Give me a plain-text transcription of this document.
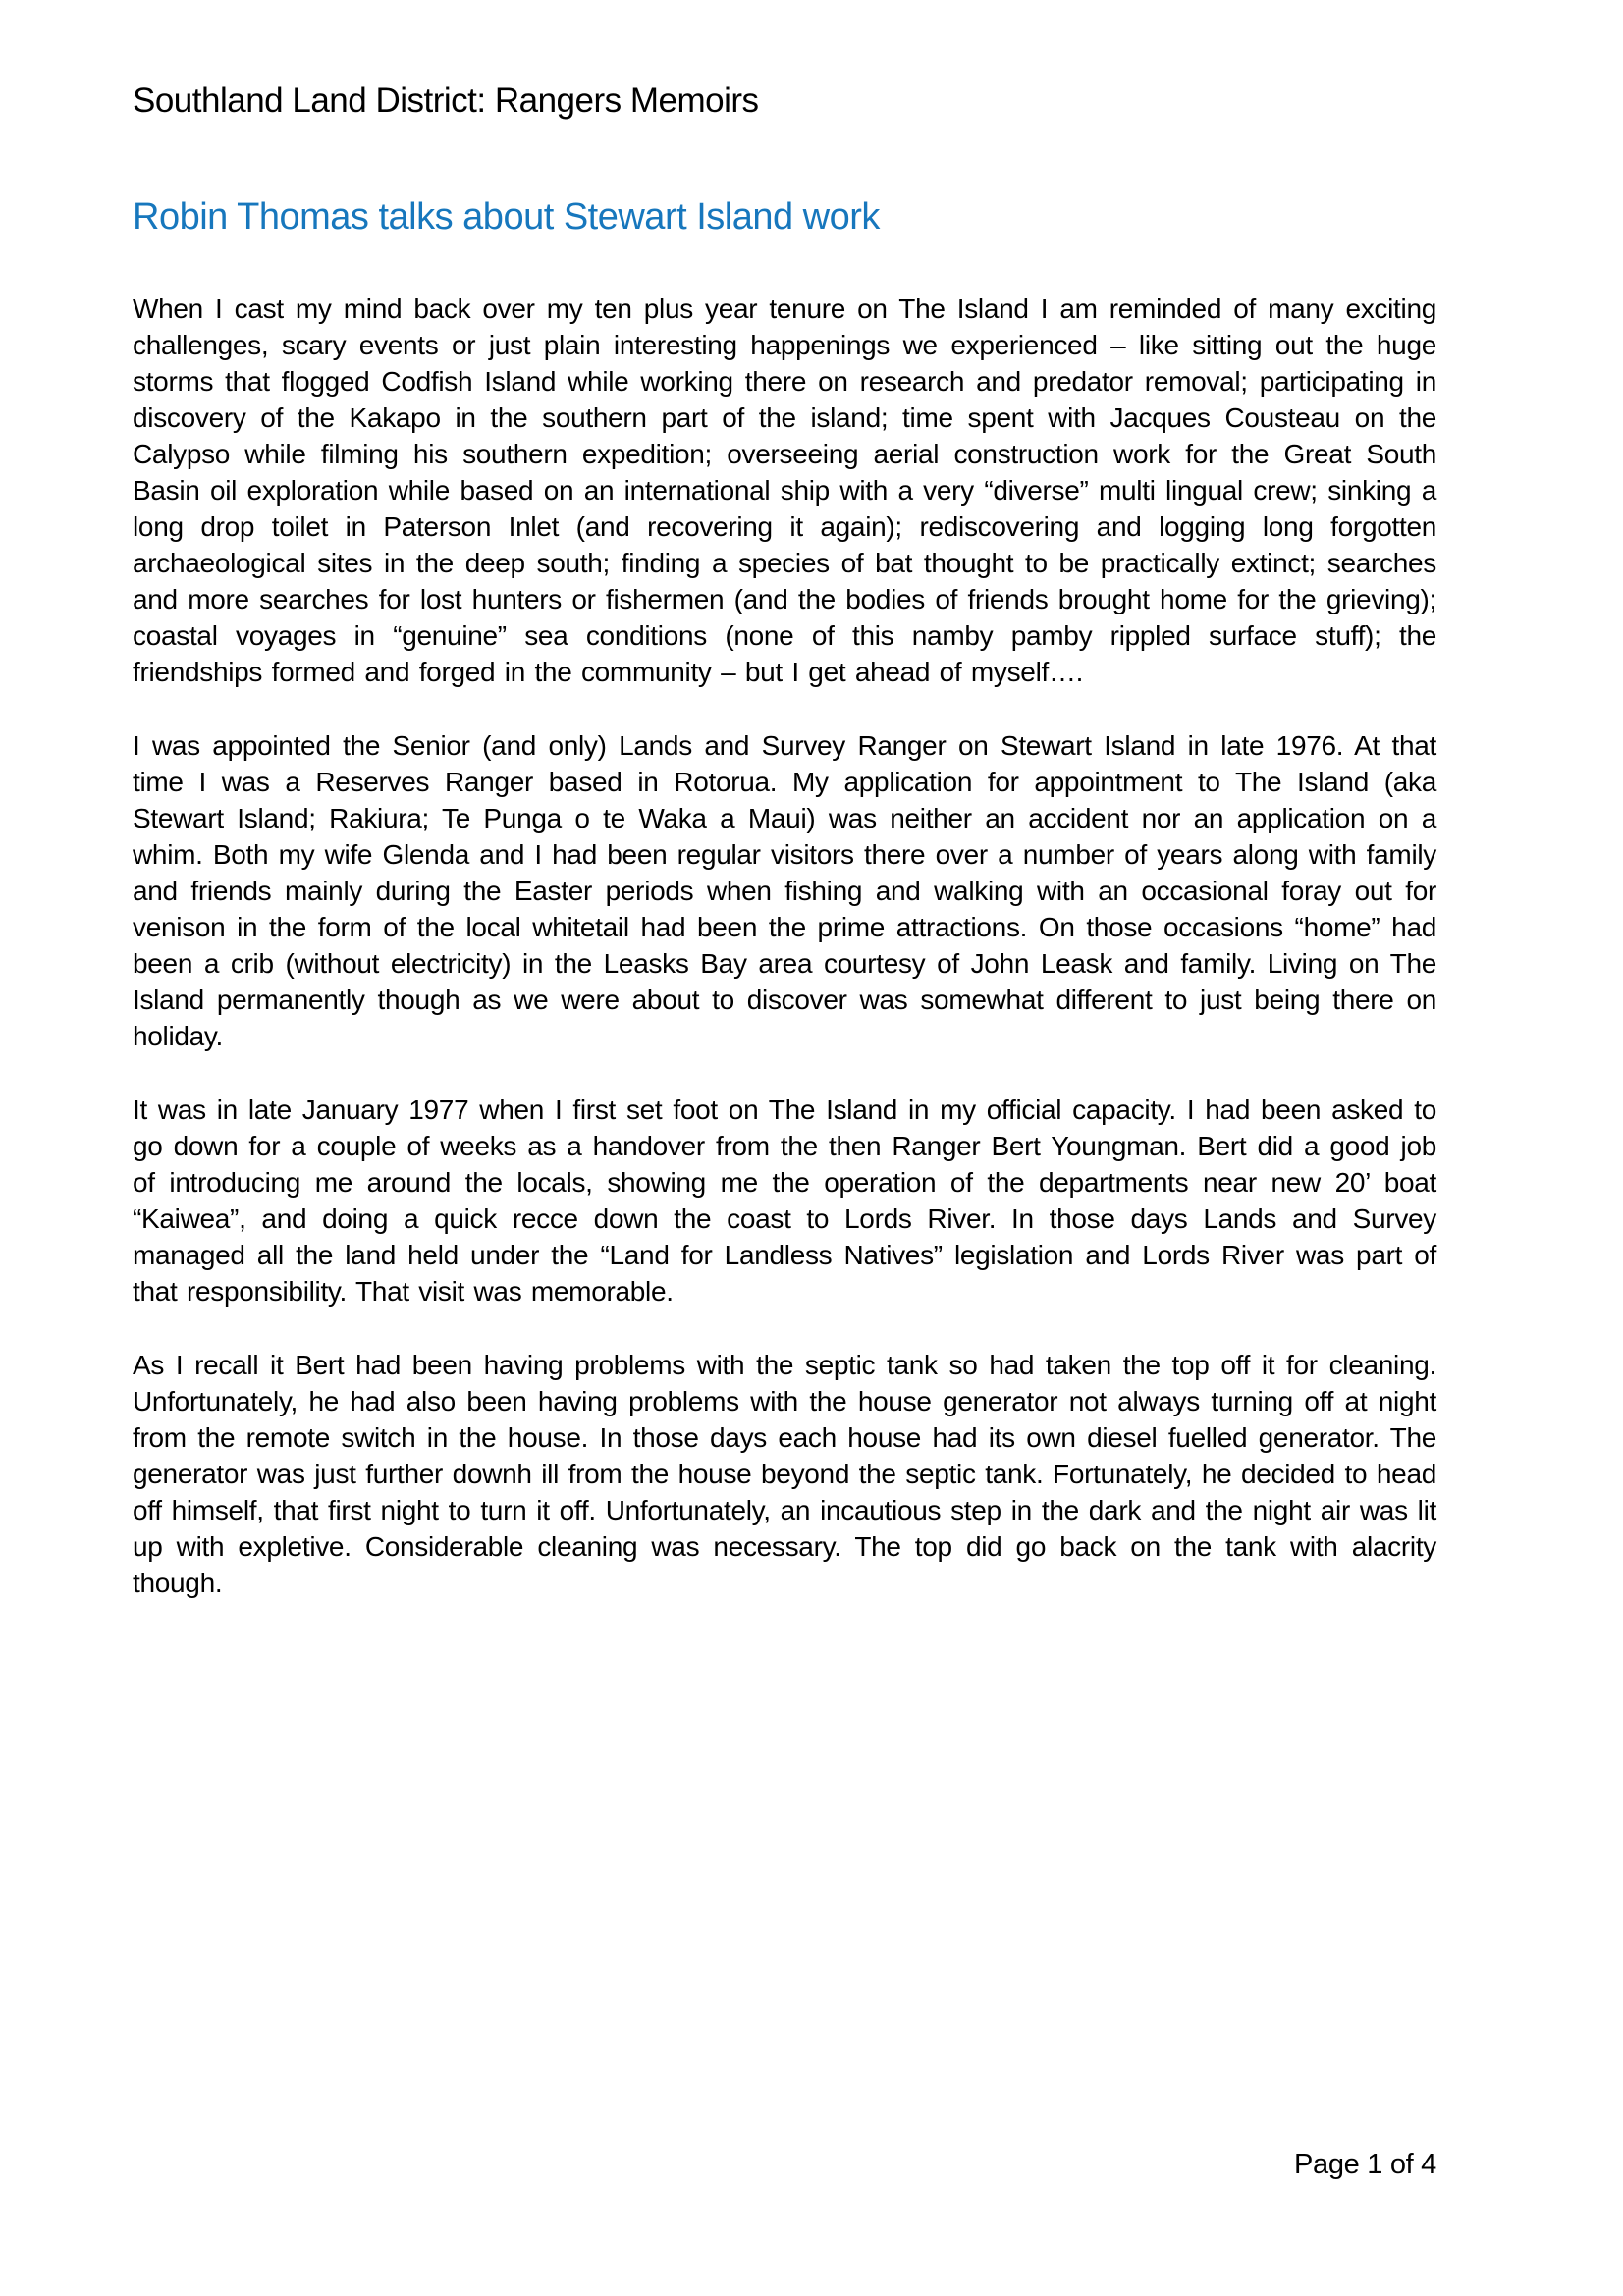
Southland Land District: Rangers Memoirs
Robin Thomas talks about Stewart Island work

When I cast my mind back over my ten plus year tenure on The Island I am reminded of many exciting challenges, scary events or just plain interesting happenings we experienced – like sitting out the huge storms that flogged Codfish Island while working there on research and predator removal; participating in discovery of the Kakapo in the southern part of the island; time spent with Jacques Cousteau on the Calypso while filming his southern expedition; overseeing aerial construction work for the Great South Basin oil exploration while based on an international ship with a very “diverse” multi lingual crew; sinking a long drop toilet in Paterson Inlet (and recovering it again); rediscovering and logging long forgotten archaeological sites in the deep south; finding a species of bat thought to be practically extinct; searches and more searches for lost hunters or fishermen (and the bodies of friends brought home for the grieving); coastal voyages in “genuine” sea conditions (none of this namby pamby rippled surface stuff); the friendships formed and forged in the community – but I get ahead of myself….

I was appointed the Senior (and only) Lands and Survey Ranger on Stewart Island in late 1976. At that time I was a Reserves Ranger based in Rotorua. My application for appointment to The Island (aka Stewart Island; Rakiura; Te Punga o te Waka a Maui) was neither an accident nor an application on a whim. Both my wife Glenda and I had been regular visitors there over a number of years along with family and friends mainly during the Easter periods when fishing and walking with an occasional foray out for venison in the form of the local whitetail had been the prime attractions. On those occasions “home” had been a crib (without electricity) in the Leasks Bay area courtesy of John Leask and family. Living on The Island permanently though as we were about to discover was somewhat different to just being there on holiday.

It was in late January 1977 when I first set foot on The Island in my official capacity. I had been asked to go down for a couple of weeks as a handover from the then Ranger Bert Youngman. Bert did a good job of introducing me around the locals, showing me the operation of the departments near new 20’ boat “Kaiwea”, and doing a quick recce down the coast to Lords River. In those days Lands and Survey managed all the land held under the “Land for Landless Natives” legislation and Lords River was part of that responsibility. That visit was memorable.

As I recall it Bert had been having problems with the septic tank so had taken the top off it for cleaning. Unfortunately, he had also been having problems with the house generator not always turning off at night from the remote switch in the house. In those days each house had its own diesel fuelled generator. The generator was just further downh ill from the house beyond the septic tank. Fortunately, he decided to head off himself, that first night to turn it off. Unfortunately, an incautious step in the dark and the night air was lit up with expletive. Considerable cleaning was necessary. The top did go back on the tank with alacrity though.

Page 1 of 4
